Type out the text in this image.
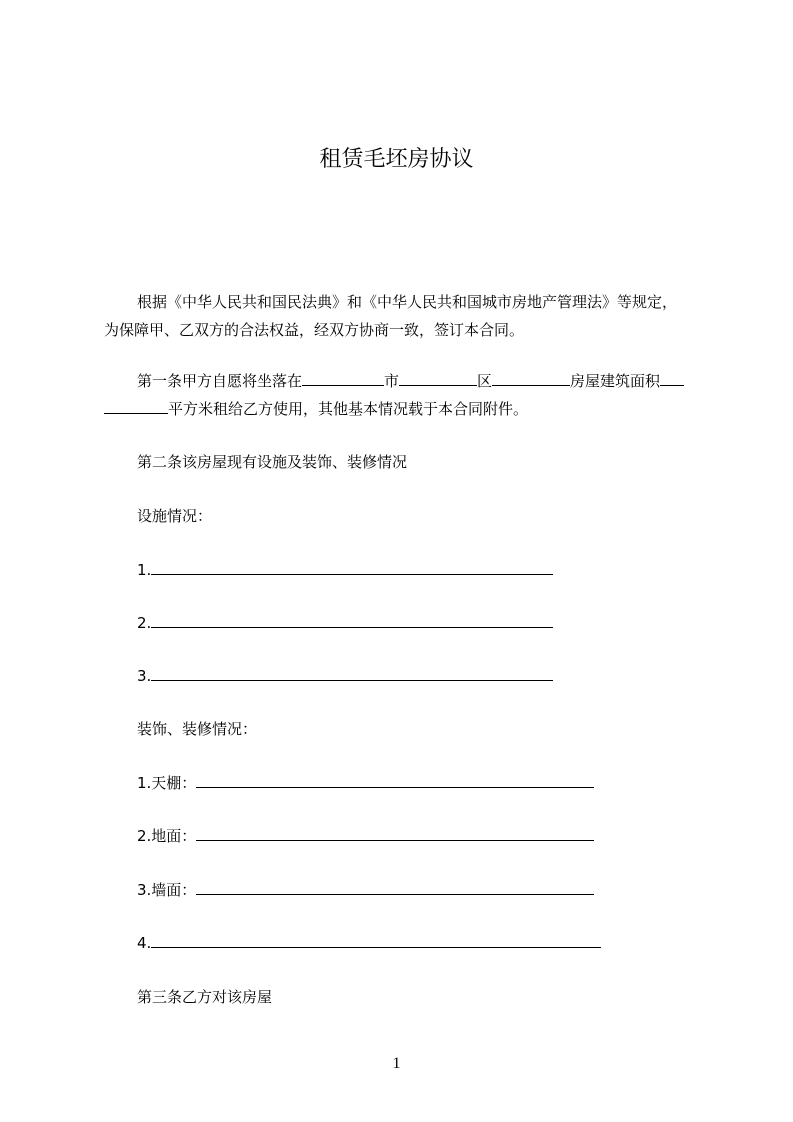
租赁毛坯房协议
根据《中华人民共和国民法典》和《中华人民共和国城市房地产管理法》等规定，
为保障甲、乙双方的合法权益，经双方协商一致，签订本合同。
第一条甲方自愿将坐落在	市	区	房屋建筑面积
平方米租给乙方使用，其他基本情况载于本合同附件。
第二条该房屋现有设施及装饰、装修情况
设施情况：
1.
2.
3.
装饰、装修情况：
1.天棚：
2.地面：
3.墙面：
4.
第三条乙方对该房屋
1
